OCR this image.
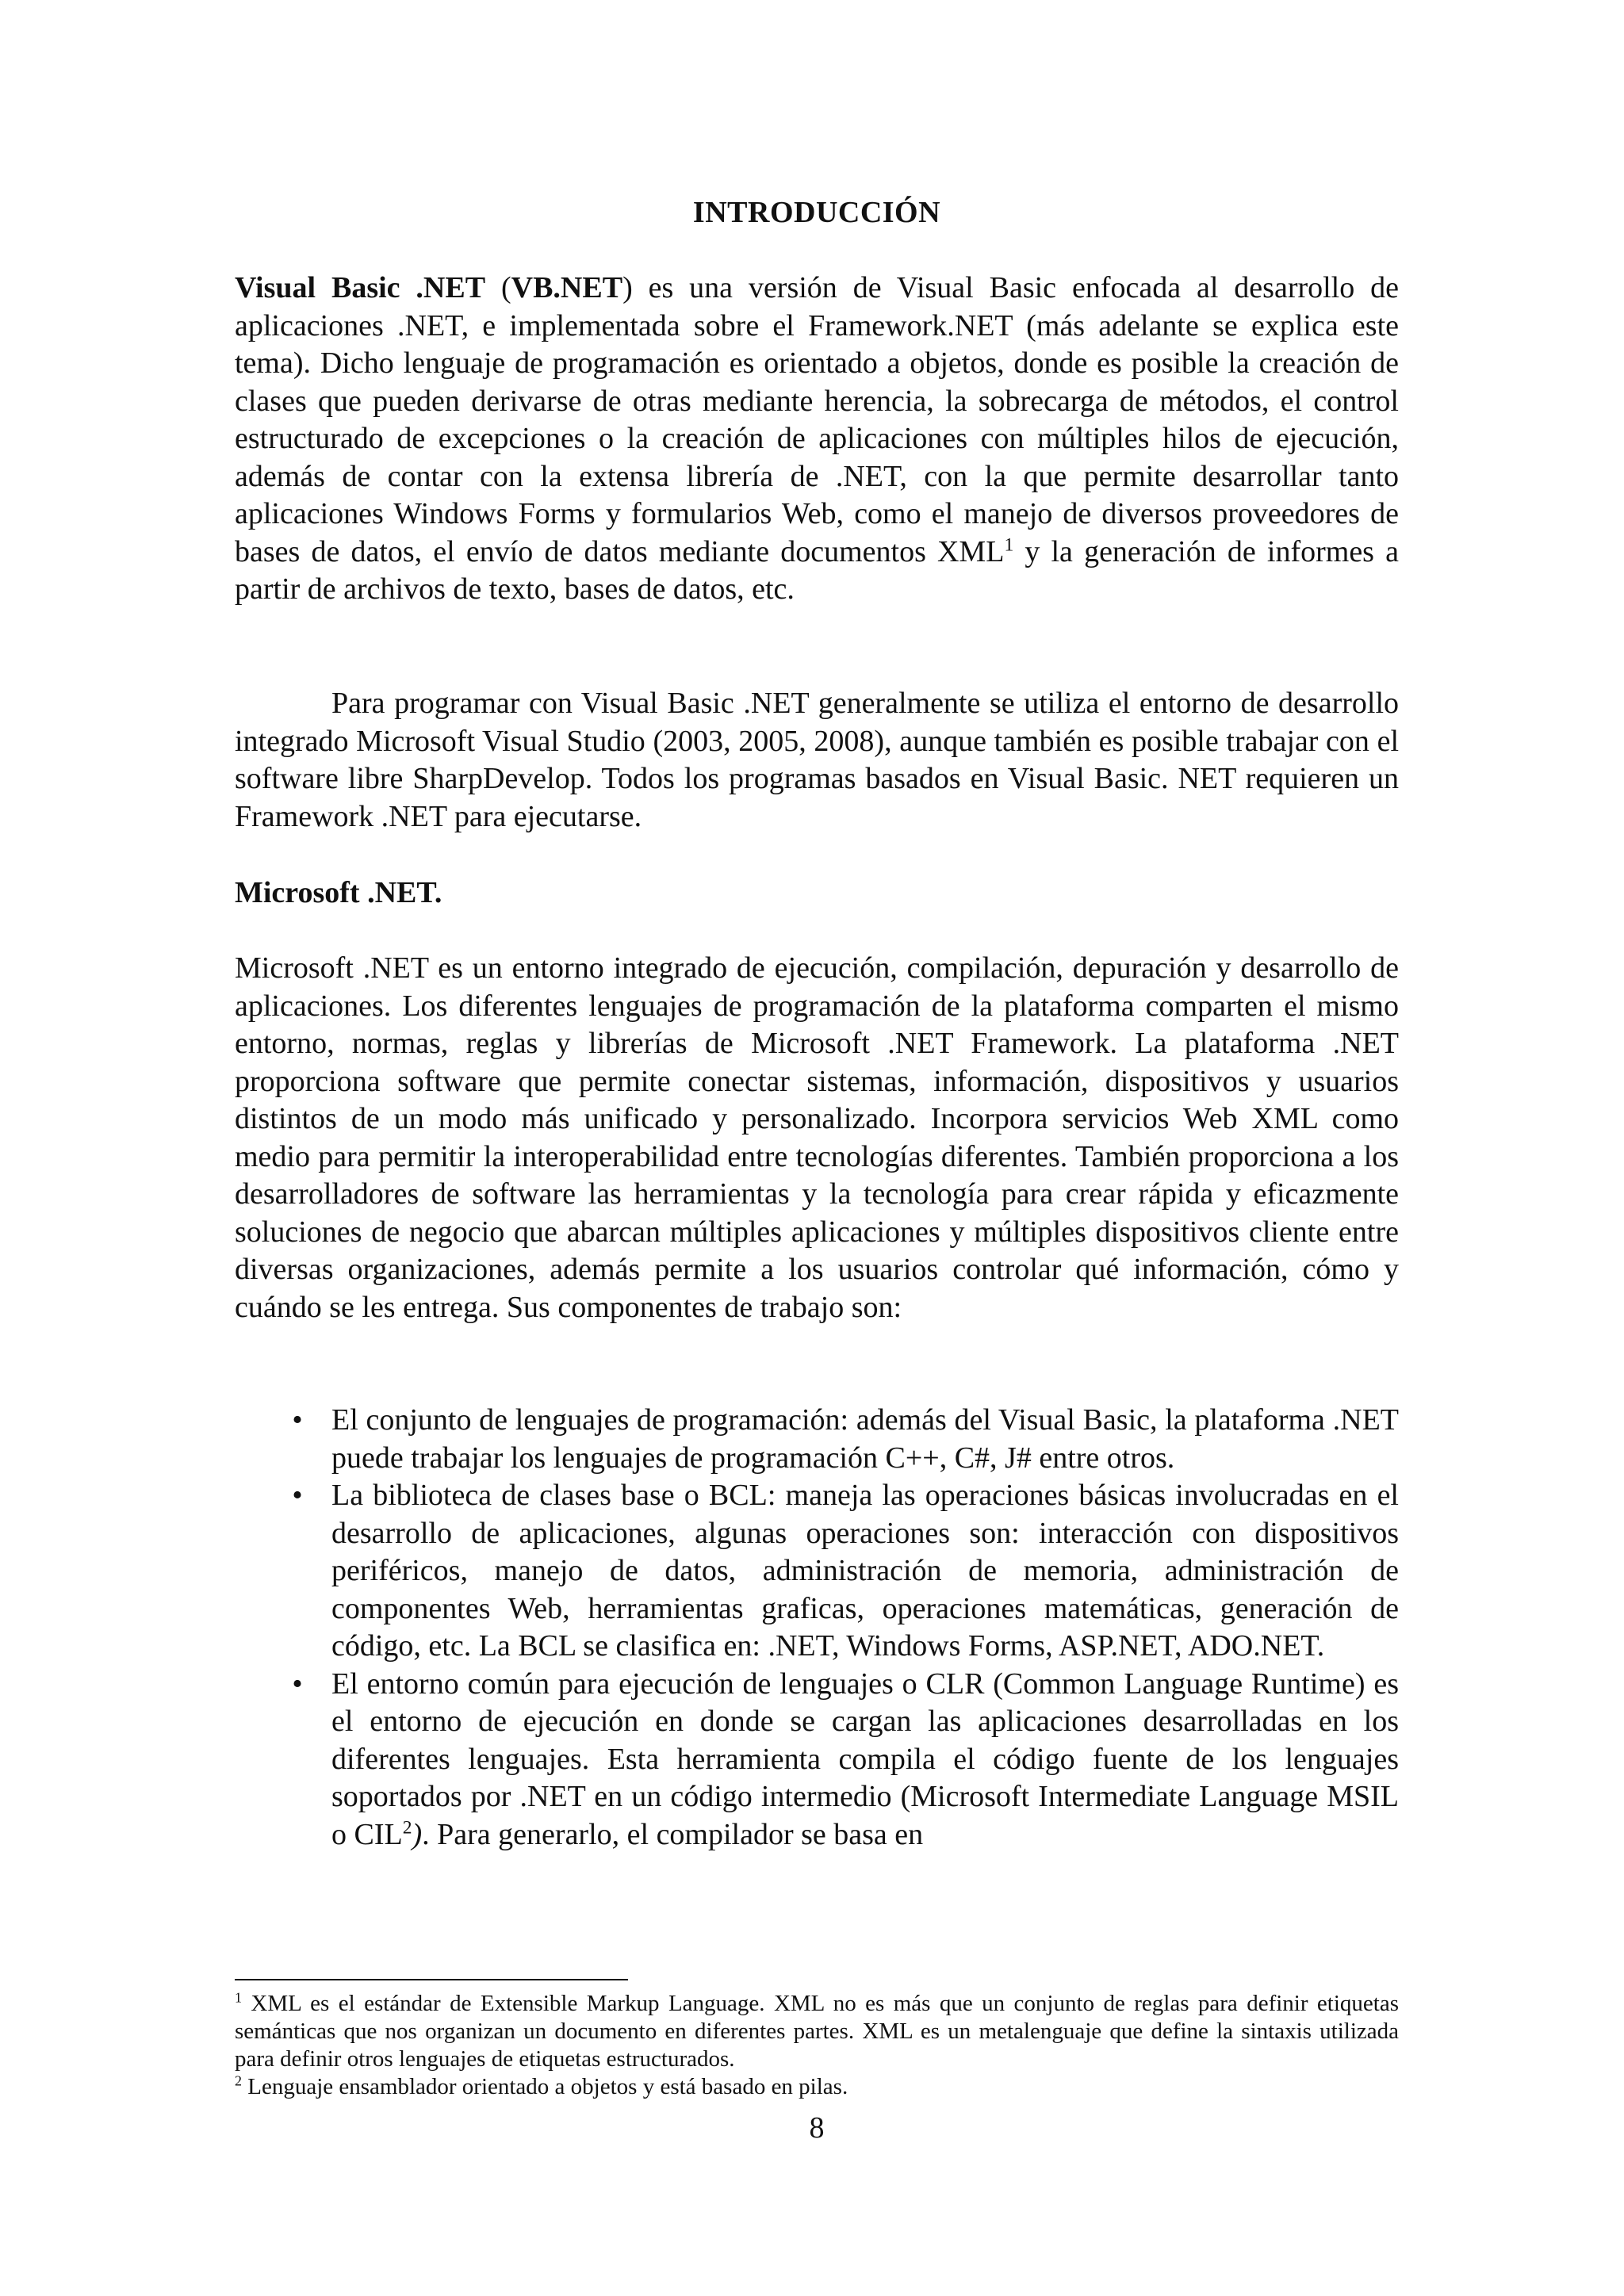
INTRODUCCIÓN

Visual Basic .NET (VB.NET) es una versión de Visual Basic enfocada al desarrollo de aplicaciones .NET, e implementada sobre el Framework.NET (más adelante se explica este tema). Dicho lenguaje de programación es orientado a objetos, donde es posible la creación de clases que pueden derivarse de otras mediante herencia, la sobrecarga de métodos, el control estructurado de excepciones o la creación de aplicaciones con múltiples hilos de ejecución, además de contar con la extensa librería de .NET, con la que permite desarrollar tanto aplicaciones Windows Forms y formularios Web, como el manejo de diversos proveedores de bases de datos, el envío de datos mediante documentos XML$^1$ y la generación de informes a partir de archivos de texto, bases de datos, etc.

Para programar con Visual Basic .NET generalmente se utiliza el entorno de desarrollo integrado Microsoft Visual Studio (2003, 2005, 2008), aunque también es posible trabajar con el software libre SharpDevelop. Todos los programas basados en Visual Basic. NET requieren un Framework .NET para ejecutarse.

Microsoft .NET.

Microsoft .NET es un entorno integrado de ejecución, compilación, depuración y desarrollo de aplicaciones. Los diferentes lenguajes de programación de la plataforma comparten el mismo entorno, normas, reglas y librerías de Microsoft .NET Framework. La plataforma .NET proporciona software que permite conectar sistemas, información, dispositivos y usuarios distintos de un modo más unificado y personalizado. Incorpora servicios Web XML como medio para permitir la interoperabilidad entre tecnologías diferentes. También proporciona a los desarrolladores de software las herramientas y la tecnología para crear rápida y eficazmente soluciones de negocio que abarcan múltiples aplicaciones y múltiples dispositivos cliente entre diversas organizaciones, además permite a los usuarios controlar qué información, cómo y cuándo se les entrega. Sus componentes de trabajo son:

• El conjunto de lenguajes de programación: además del Visual Basic, la plataforma .NET puede trabajar los lenguajes de programación C++, C#, J# entre otros.
• La biblioteca de clases base o BCL: maneja las operaciones básicas involucradas en el desarrollo de aplicaciones, algunas operaciones son: interacción con dispositivos periféricos, manejo de datos, administración de memoria, administración de componentes Web, herramientas graficas, operaciones matemáticas, generación de código, etc. La BCL se clasifica en: .NET, Windows Forms, ASP.NET, ADO.NET.
• El entorno común para ejecución de lenguajes o CLR (Common Language Runtime) es el entorno de ejecución en donde se cargan las aplicaciones desarrolladas en los diferentes lenguajes. Esta herramienta compila el código fuente de los lenguajes soportados por .NET en un código intermedio (Microsoft Intermediate Language MSIL o CIL$^2$). Para generarlo, el compilador se basa en

$^1$ XML es el estándar de Extensible Markup Language. XML no es más que un conjunto de reglas para definir etiquetas semánticas que nos organizan un documento en diferentes partes. XML es un metalenguaje que define la sintaxis utilizada para definir otros lenguajes de etiquetas estructurados.

$^2$ Lenguaje ensamblador orientado a objetos y está basado en pilas.

8
